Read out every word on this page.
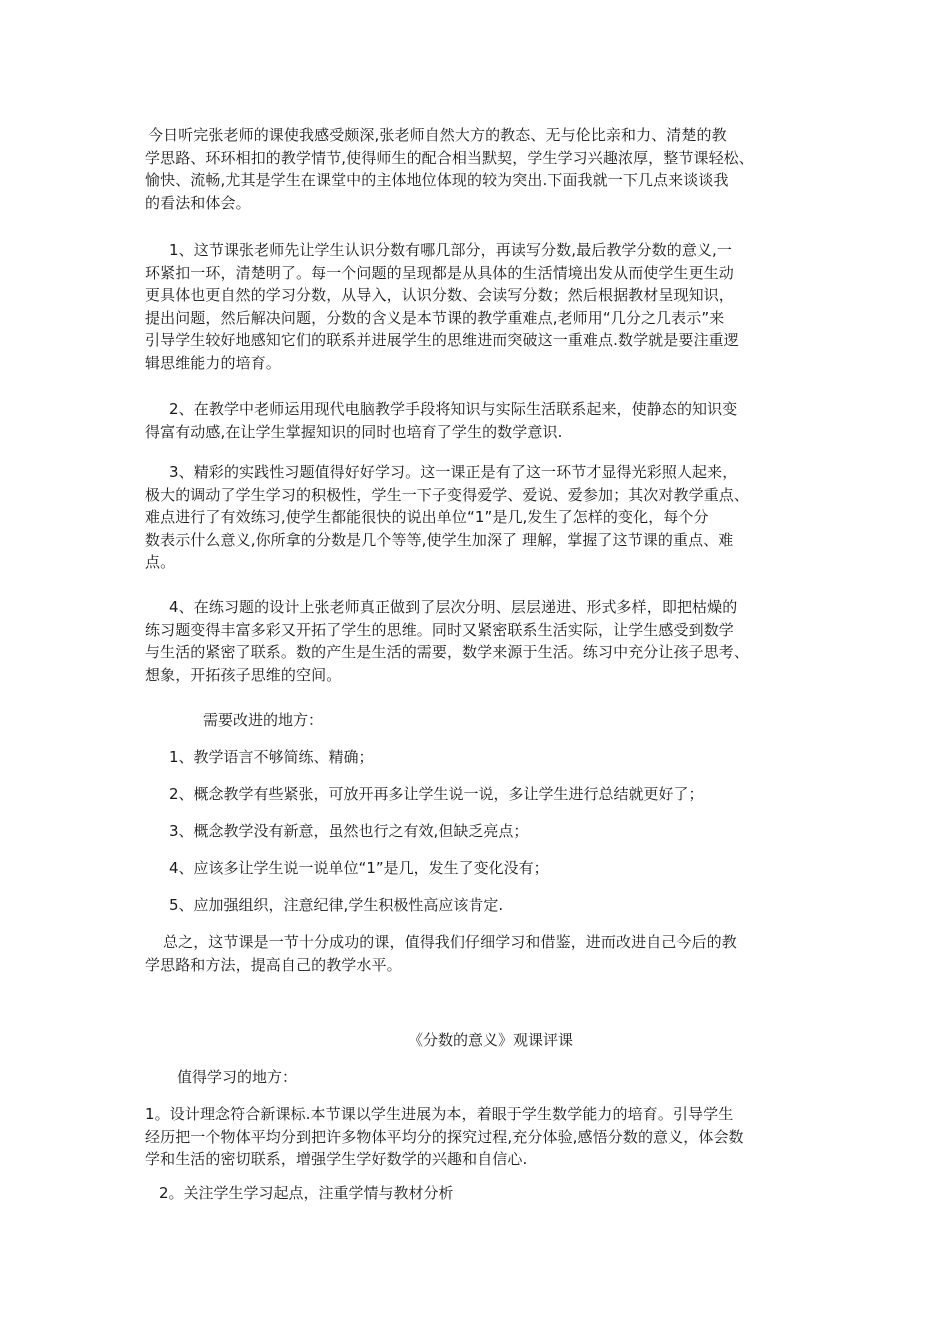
今日听完张老师的课使我感受颇深,张老师自然大方的教态、无与伦比亲和力、清楚的教
学思路、环环相扣的教学情节,使得师生的配合相当默契，学生学习兴趣浓厚，整节课轻松、
愉快、流畅,尤其是学生在课堂中的主体地位体现的较为突出.下面我就一下几点来谈谈我
的看法和体会。
1、这节课张老师先让学生认识分数有哪几部分，再读写分数,最后教学分数的意义,一
环紧扣一环，清楚明了。每一个问题的呈现都是从具体的生活情境出发从而使学生更生动
更具体也更自然的学习分数，从导入，认识分数、会读写分数；然后根据教材呈现知识，
提出问题，然后解决问题，分数的含义是本节课的教学重难点,老师用“几分之几表示”来
引导学生较好地感知它们的联系并进展学生的思维进而突破这一重难点.数学就是要注重逻
辑思维能力的培育。
2、在教学中老师运用现代电脑教学手段将知识与实际生活联系起来，使静态的知识变
得富有动感,在让学生掌握知识的同时也培育了学生的数学意识.
3、精彩的实践性习题值得好好学习。这一课正是有了这一环节才显得光彩照人起来，
极大的调动了学生学习的积极性，学生一下子变得爱学、爱说、爱参加；其次对教学重点、
难点进行了有效练习,使学生都能很快的说出单位“1”是几,发生了怎样的变化，每个分
数表示什么意义,你所拿的分数是几个等等,使学生加深了 理解，掌握了这节课的重点、难
点。
4、在练习题的设计上张老师真正做到了层次分明、层层递进、形式多样，即把枯燥的
练习题变得丰富多彩又开拓了学生的思维。同时又紧密联系生活实际，让学生感受到数学
与生活的紧密了联系。数的产生是生活的需要，数学来源于生活。练习中充分让孩子思考、
想象，开拓孩子思维的空间。
需要改进的地方：
1、教学语言不够简练、精确；
2、概念教学有些紧张，可放开再多让学生说一说，多让学生进行总结就更好了；
3、概念教学没有新意，虽然也行之有效,但缺乏亮点；
4、应该多让学生说一说单位“1”是几，发生了变化没有；
5、应加强组织，注意纪律,学生积极性高应该肯定.
总之，这节课是一节十分成功的课，值得我们仔细学习和借鉴，进而改进自己今后的教
学思路和方法，提高自己的教学水平。
《分数的意义》观课评课
值得学习的地方：
1。设计理念符合新课标.本节课以学生进展为本，着眼于学生数学能力的培育。引导学生
经历把一个物体平均分到把许多物体平均分的探究过程,充分体验,感悟分数的意义，体会数
学和生活的密切联系，增强学生学好数学的兴趣和自信心.
2。关注学生学习起点，注重学情与教材分析
